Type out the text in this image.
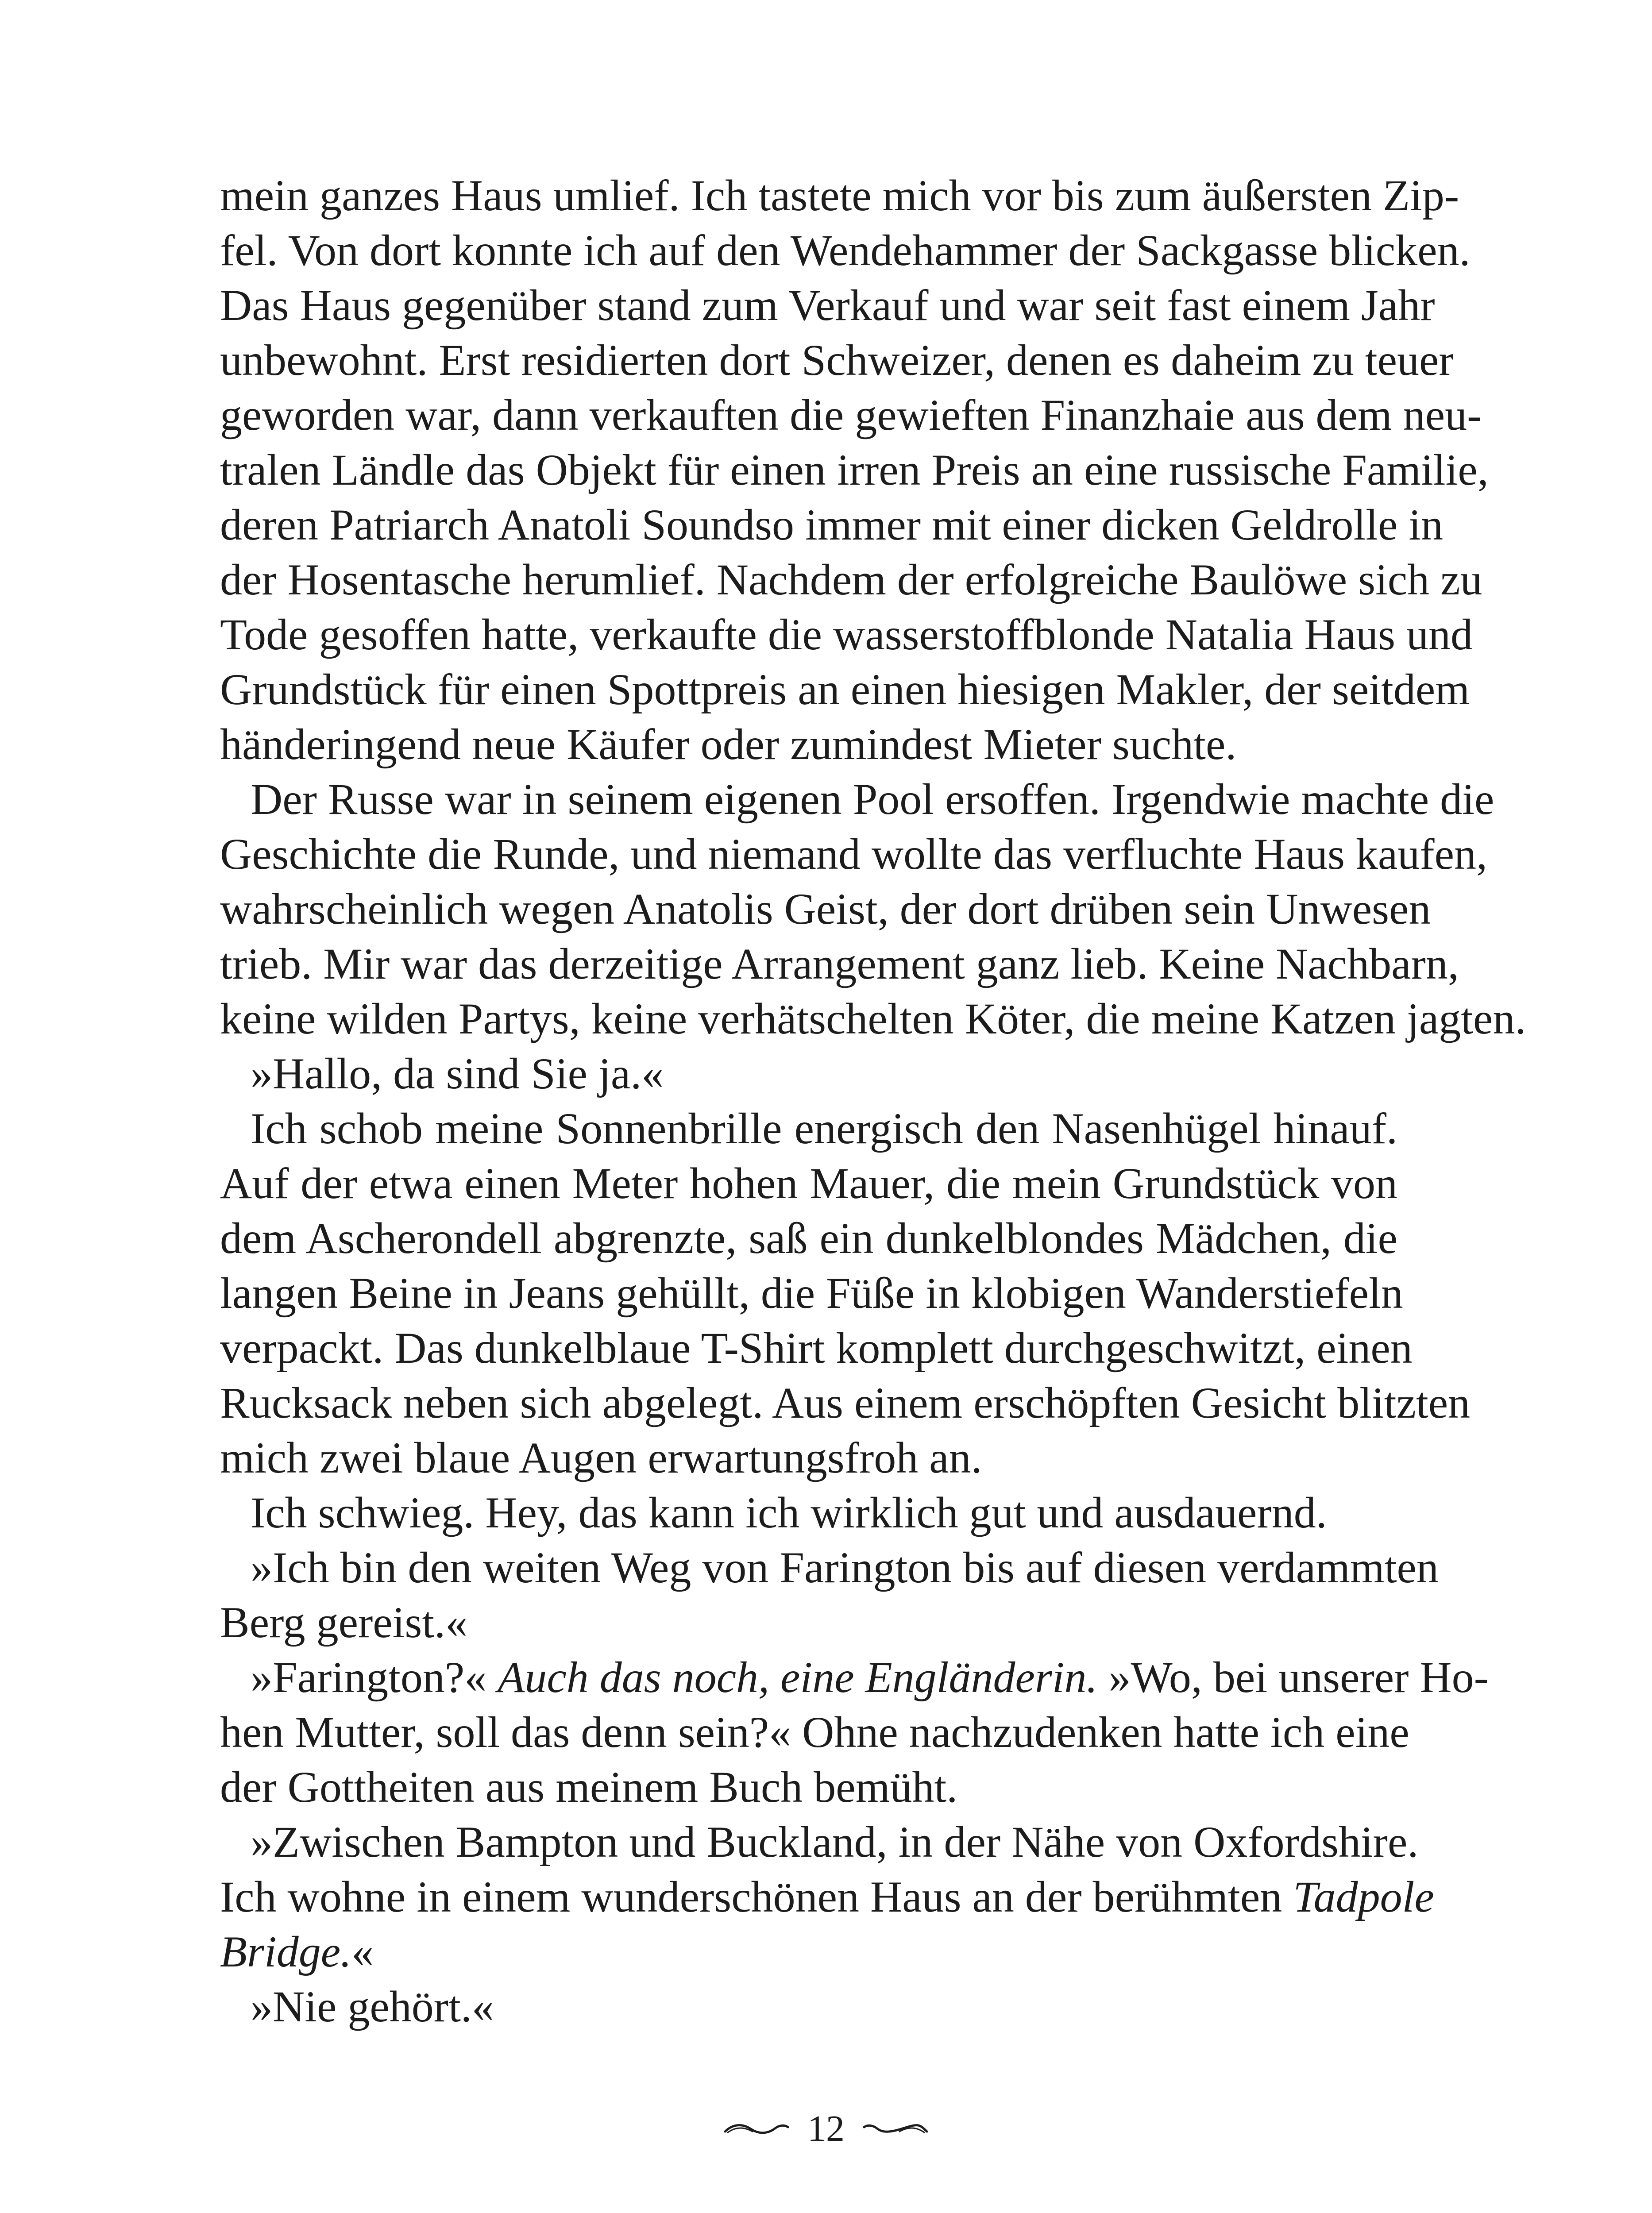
mein ganzes Haus umlief. Ich tastete mich vor bis zum äußersten Zip-
fel. Von dort konnte ich auf den Wendehammer der Sackgasse blicken.
Das Haus gegenüber stand zum Verkauf und war seit fast einem Jahr
unbewohnt. Erst residierten dort Schweizer, denen es daheim zu teuer
geworden war, dann verkauften die gewieften Finanzhaie aus dem neu-
tralen Ländle das Objekt für einen irren Preis an eine russische Familie,
deren Patriarch Anatoli Soundso immer mit einer dicken Geldrolle in
der Hosentasche herumlief. Nachdem der erfolgreiche Baulöwe sich zu
Tode gesoffen hatte, verkaufte die wasserstoffblonde Natalia Haus und
Grundstück für einen Spottpreis an einen hiesigen Makler, der seitdem
händeringend neue Käufer oder zumindest Mieter suchte.
Der Russe war in seinem eigenen Pool ersoffen. Irgendwie machte die
Geschichte die Runde, und niemand wollte das verfluchte Haus kaufen,
wahrscheinlich wegen Anatolis Geist, der dort drüben sein Unwesen
trieb. Mir war das derzeitige Arrangement ganz lieb. Keine Nachbarn,
keine wilden Partys, keine verhätschelten Köter, die meine Katzen jagten.
»Hallo, da sind Sie ja.«
Ich schob meine Sonnenbrille energisch den Nasenhügel hinauf.
Auf der etwa einen Meter hohen Mauer, die mein Grundstück von
dem Ascherondell abgrenzte, saß ein dunkelblondes Mädchen, die
langen Beine in Jeans gehüllt, die Füße in klobigen Wanderstiefeln
verpackt. Das dunkelblaue T-Shirt komplett durchgeschwitzt, einen
Rucksack neben sich abgelegt. Aus einem erschöpften Gesicht blitzten
mich zwei blaue Augen erwartungsfroh an.
Ich schwieg. Hey, das kann ich wirklich gut und ausdauernd.
»Ich bin den weiten Weg von Farington bis auf diesen verdammten
Berg gereist.«
»Farington?« Auch das noch, eine Engländerin. »Wo, bei unserer Ho-
hen Mutter, soll das denn sein?« Ohne nachzudenken hatte ich eine
der Gottheiten aus meinem Buch bemüht.
»Zwischen Bampton und Buckland, in der Nähe von Oxfordshire.
Ich wohne in einem wunderschönen Haus an der berühmten Tadpole
Bridge.«
»Nie gehört.«
12
